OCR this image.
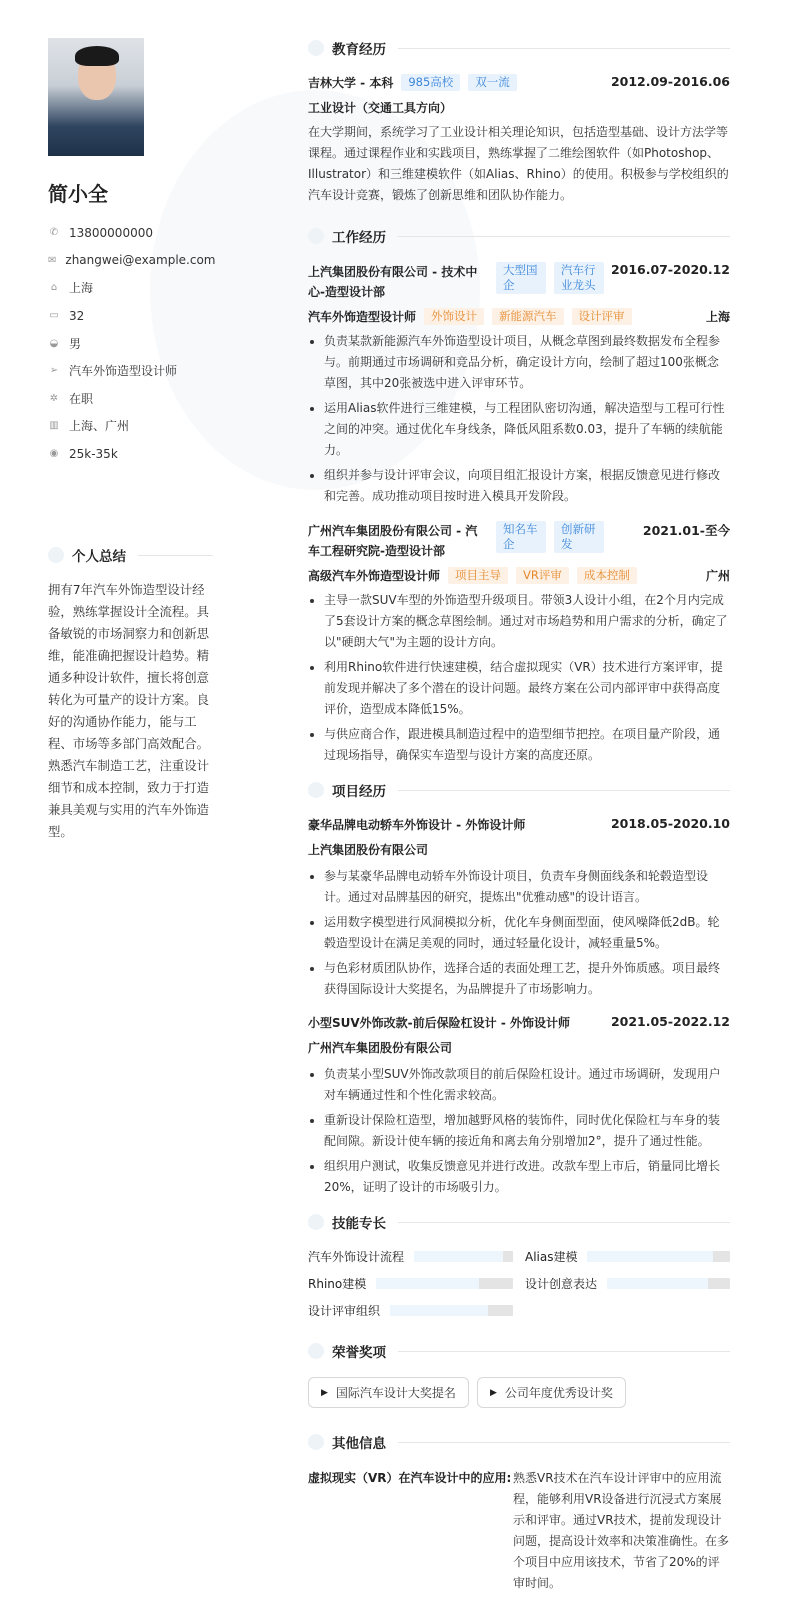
简小全
✆ 13800000000
✉ zhangwei@example.com
⌂ 上海
▭ 32
◒ 男
➢ 汽车外饰造型设计师
✲ 在职
▥ 上海、广州
◉ 25k-35k
个人总结
拥有7年汽车外饰造型设计经验，熟练掌握设计全流程。具备敏锐的市场洞察力和创新思维，能准确把握设计趋势。精通多种设计软件，擅长将创意转化为可量产的设计方案。良好的沟通协作能力，能与工程、市场等多部门高效配合。熟悉汽车制造工艺，注重设计细节和成本控制，致力于打造兼具美观与实用的汽车外饰造型。
教育经历
吉林大学 - 本科	985高校	双一流	2012.09-2016.06
工业设计（交通工具方向）
在大学期间，系统学习了工业设计相关理论知识，包括造型基础、设计方法学等课程。通过课程作业和实践项目，熟练掌握了二维绘图软件（如Photoshop、Illustrator）和三维建模软件（如Alias、Rhino）的使用。积极参与学校组织的汽车设计竞赛，锻炼了创新思维和团队协作能力。
工作经历
上汽集团股份有限公司 - 技术中心-造型设计部
大型国企
汽车行业龙头
2016.07-2020.12
汽车外饰造型设计师	外饰设计	新能源汽车	设计评审	上海
负责某款新能源汽车外饰造型设计项目，从概念草图到最终数据发布全程参与。前期通过市场调研和竞品分析，确定设计方向，绘制了超过100张概念草图，其中20张被选中进入评审环节。
运用Alias软件进行三维建模，与工程团队密切沟通，解决造型与工程可行性之间的冲突。通过优化车身线条，降低风阻系数0.03，提升了车辆的续航能力。
组织并参与设计评审会议，向项目组汇报设计方案，根据反馈意见进行修改和完善。成功推动项目按时进入模具开发阶段。
广州汽车集团股份有限公司 - 汽车工程研究院-造型设计部
知名车企
创新研发
2021.01-至今
高级汽车外饰造型设计师	项目主导	VR评审	成本控制	广州
主导一款SUV车型的外饰造型升级项目。带领3人设计小组，在2个月内完成了5套设计方案的概念草图绘制。通过对市场趋势和用户需求的分析，确定了以"硬朗大气"为主题的设计方向。
利用Rhino软件进行快速建模，结合虚拟现实（VR）技术进行方案评审，提前发现并解决了多个潜在的设计问题。最终方案在公司内部评审中获得高度评价，造型成本降低15%。
与供应商合作，跟进模具制造过程中的造型细节把控。在项目量产阶段，通过现场指导，确保实车造型与设计方案的高度还原。
项目经历
豪华品牌电动轿车外饰设计 - 外饰设计师	2018.05-2020.10
上汽集团股份有限公司
参与某豪华品牌电动轿车外饰设计项目，负责车身侧面线条和轮毂造型设计。通过对品牌基因的研究，提炼出"优雅动感"的设计语言。
运用数字模型进行风洞模拟分析，优化车身侧面型面，使风噪降低2dB。轮毂造型设计在满足美观的同时，通过轻量化设计，减轻重量5%。
与色彩材质团队协作，选择合适的表面处理工艺，提升外饰质感。项目最终获得国际设计大奖提名，为品牌提升了市场影响力。
小型SUV外饰改款-前后保险杠设计 - 外饰设计师	2021.05-2022.12
广州汽车集团股份有限公司
负责某小型SUV外饰改款项目的前后保险杠设计。通过市场调研，发现用户对车辆通过性和个性化需求较高。
重新设计保险杠造型，增加越野风格的装饰件，同时优化保险杠与车身的装配间隙。新设计使车辆的接近角和离去角分别增加2°，提升了通过性能。
组织用户测试，收集反馈意见并进行改进。改款车型上市后，销量同比增长20%，证明了设计的市场吸引力。
技能专长
汽车外饰设计流程	Alias建模
Rhino建模	设计创意表达
设计评审组织
荣誉奖项
▶ 国际汽车设计大奖提名	▶ 公司年度优秀设计奖
其他信息
虚拟现实（VR）在汽车设计中的应用: 熟悉VR技术在汽车设计评审中的应用流程，能够利用VR设备进行沉浸式方案展示和评审。通过VR技术，提前发现设计问题，提高设计效率和决策准确性。在多个项目中应用该技术，节省了20%的评审时间。
